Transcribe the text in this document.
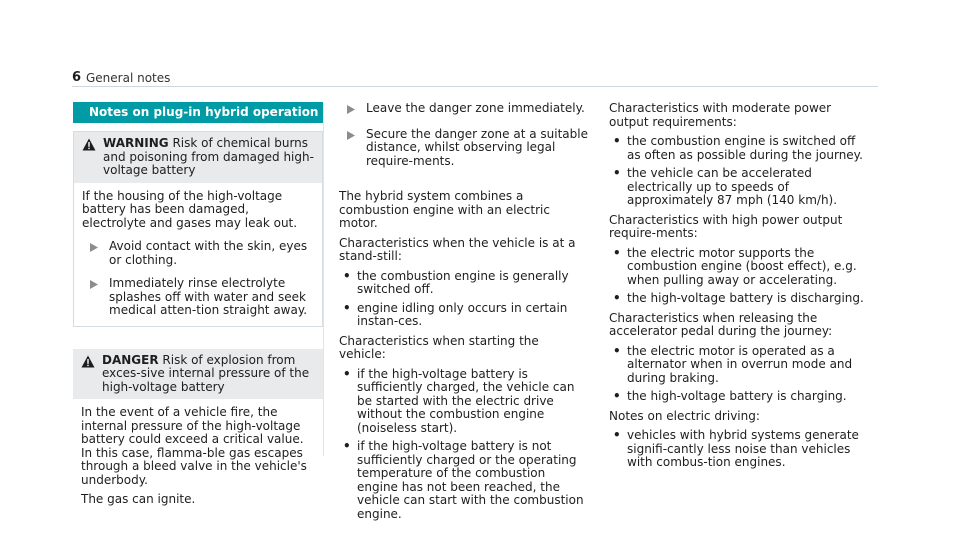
6 General notes
Notes on plug-in hybrid operation
WARNING Risk of chemical burns and poisoning from damaged high-voltage battery

If the housing of the high-voltage battery has been damaged, electrolyte and gases may leak out.

Avoid contact with the skin, eyes or clothing.
Immediately rinse electrolyte splashes off with water and seek medical atten-tion straight away.
DANGER Risk of explosion from exces-sive internal pressure of the high-voltage battery

In the event of a vehicle fire, the internal pressure of the high-voltage battery could exceed a critical value. In this case, flamma-ble gas escapes through a bleed valve in the vehicle's underbody.

The gas can ignite.

Leave the danger zone immediately.
Secure the danger zone at a suitable distance, whilst observing legal require-ments.

The hybrid system combines a combustion engine with an electric motor.

Characteristics when the vehicle is at a stand-still:

• the combustion engine is generally switched off.
• engine idling only occurs in certain instan-ces.

Characteristics when starting the vehicle:

• if the high-voltage battery is sufficiently charged, the vehicle can be started with the electric drive without the combustion engine (noiseless start).
• if the high-voltage battery is not sufficiently charged or the operating temperature of the combustion engine has not been reached, the vehicle can start with the combustion engine.

Characteristics with moderate power output requirements:

• the combustion engine is switched off as often as possible during the journey.
• the vehicle can be accelerated electrically up to speeds of approximately 87 mph (140 km/h).

Characteristics with high power output require-ments:

• the electric motor supports the combustion engine (boost effect), e.g. when pulling away or accelerating.
• the high-voltage battery is discharging.

Characteristics when releasing the accelerator pedal during the journey:

• the electric motor is operated as a alternator when in overrun mode and during braking.
• the high-voltage battery is charging.

Notes on electric driving:

• vehicles with hybrid systems generate signifi-cantly less noise than vehicles with combus-tion engines.
